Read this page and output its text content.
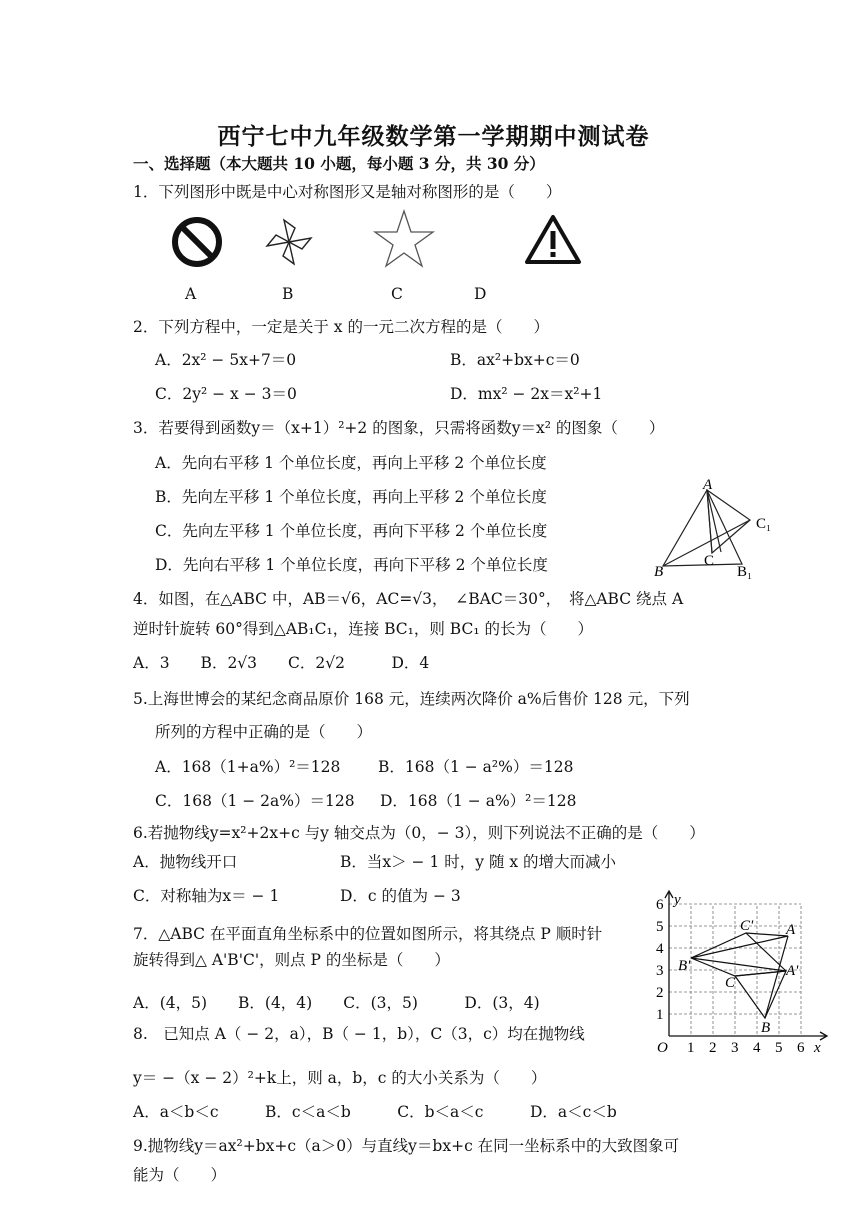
西宁七中九年级数学第一学期期中测试卷
一、选择题（本大题共 10 小题，每小题 3 分，共 30 分）
1．下列图形中既是中心对称图形又是轴对称图形的是（　　）
A	B	C	D
2．下列方程中，一定是关于 x 的一元二次方程的是（　　）
A．2x² − 5x+7＝0	B．ax²+bx+c＝0
C．2y² − x − 3＝0	D．mx² − 2x＝x²+1
3．若要得到函数y＝（x+1）²+2 的图象，只需将函数y＝x² 的图象（　　）
A．先向右平移 1 个单位长度，再向上平移 2 个单位长度
B．先向左平移 1 个单位长度，再向上平移 2 个单位长度
C．先向左平移 1 个单位长度，再向下平移 2 个单位长度
D．先向右平移 1 个单位长度，再向下平移 2 个单位长度
A
B
C
C₁
B₁
4．如图，在△ABC 中，AB＝√6，AC=√3，　∠BAC＝30°，　将△ABC 绕点 A
逆时针旋转 60°得到△AB₁C₁，连接 BC₁，则 BC₁ 的长为（　　）
A．3　　B．2√3　　C．2√2　　　D．4
5.上海世博会的某纪念商品原价 168 元，连续两次降价 a%后售价 128 元，下列
所列的方程中正确的是（　　）
A．168（1+a%）²＝128 B．168（1 − a²%）＝128
C．168（1 − 2a%）＝128 D．168（1 − a%）²＝128
6.若抛物线y=x²+2x+c 与y 轴交点为（0，− 3），则下列说法不正确的是（　　）
A．抛物线开口	B．当x＞ − 1 时，y 随 x 的增大而减小
C．对称轴为x＝ − 1	D．c 的值为 − 3
7．△ABC 在平面直角坐标系中的位置如图所示，将其绕点 P 顺时针
旋转得到△ A'B'C'，则点 P 的坐标是（　　）
A．(4，5)　　B．(4，4)　　C．(3，5)　　　D．(3，4)
y
x
O 1 2 3 4 5 6
1
2
3
4
5
6
C' A
B'	A'
C
B
8.　已知点 A（ − 2，a），B（ − 1，b），C（3，c）均在抛物线
y＝ −（x − 2）²+k上，则 a，b，c 的大小关系为（　　）
A．a＜b＜c　　　B．c＜a＜b　　　C．b＜a＜c　　　D．a＜c＜b
9.抛物线y＝ax²+bx+c（a＞0）与直线y＝bx+c 在同一坐标系中的大致图象可
能为（　　）
